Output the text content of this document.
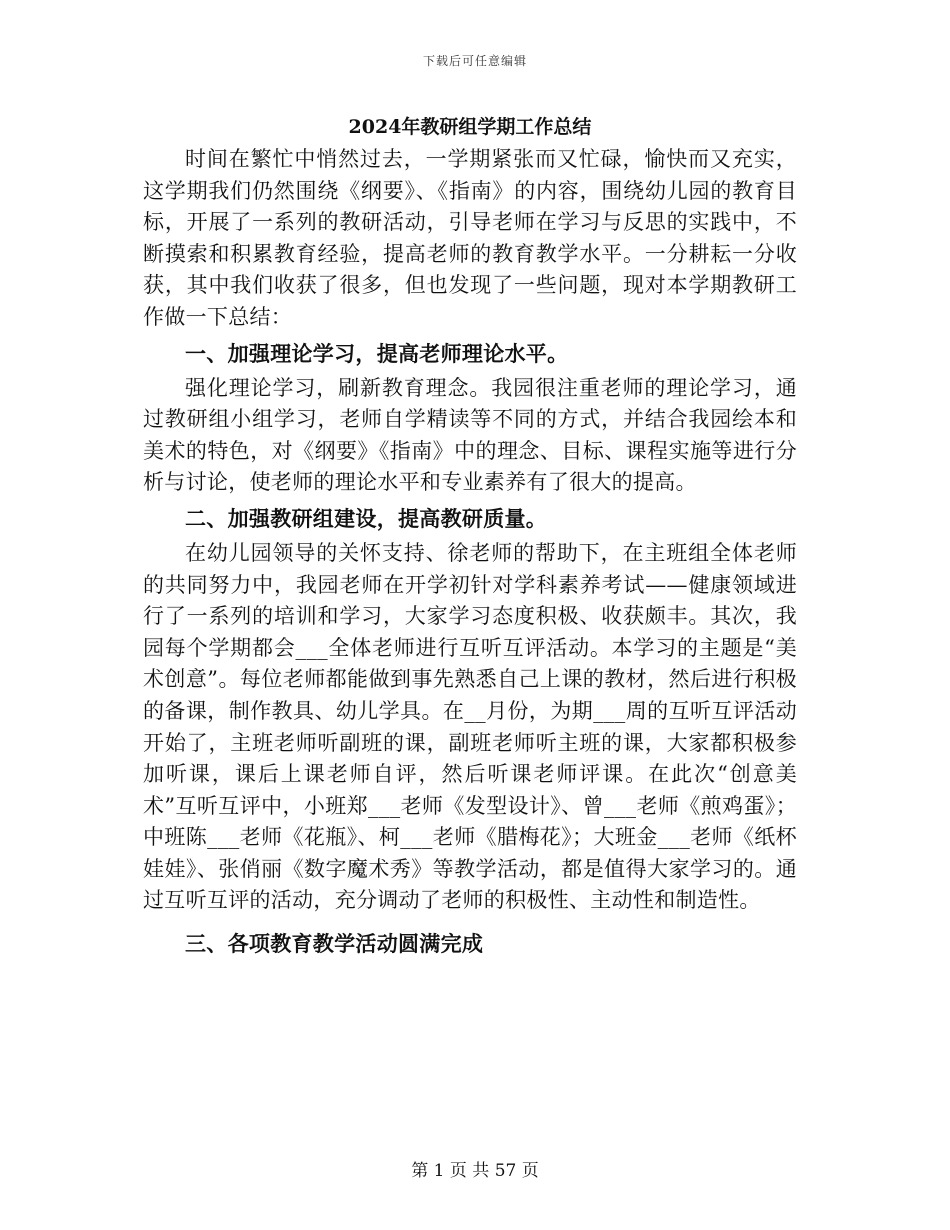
下载后可任意编辑
2024年教研组学期工作总结

时间在繁忙中悄然过去，一学期紧张而又忙碌，愉快而又充实，这学期我们仍然围绕《纲要》、《指南》的内容，围绕幼儿园的教育目标，开展了一系列的教研活动，引导老师在学习与反思的实践中，不断摸索和积累教育经验，提高老师的教育教学水平。一分耕耘一分收获，其中我们收获了很多，但也发现了一些问题，现对本学期教研工作做一下总结：

一、加强理论学习，提高老师理论水平。

强化理论学习，刷新教育理念。我园很注重老师的理论学习，通过教研组小组学习，老师自学精读等不同的方式，并结合我园绘本和美术的特色，对《纲要》《指南》中的理念、目标、课程实施等进行分析与讨论，使老师的理论水平和专业素养有了很大的提高。

二、加强教研组建设，提高教研质量。

在幼儿园领导的关怀支持、徐老师的帮助下，在主班组全体老师的共同努力中，我园老师在开学初针对学科素养考试——健康领域进行了一系列的培训和学习，大家学习态度积极、收获颇丰。其次，我园每个学期都会___全体老师进行互听互评活动。本学习的主题是“美术创意”。每位老师都能做到事先熟悉自己上课的教材，然后进行积极的备课，制作教具、幼儿学具。在__月份，为期___周的互听互评活动开始了，主班老师听副班的课，副班老师听主班的课，大家都积极参加听课，课后上课老师自评，然后听课老师评课。在此次“创意美术”互听互评中，小班郑___老师《发型设计》、曾___老师《煎鸡蛋》；中班陈___老师《花瓶》、柯___老师《腊梅花》；大班金___老师《纸杯娃娃》、张俏丽《数字魔术秀》等教学活动，都是值得大家学习的。通过互听互评的活动，充分调动了老师的积极性、主动性和制造性。

三、各项教育教学活动圆满完成
第 1 页 共 57 页
